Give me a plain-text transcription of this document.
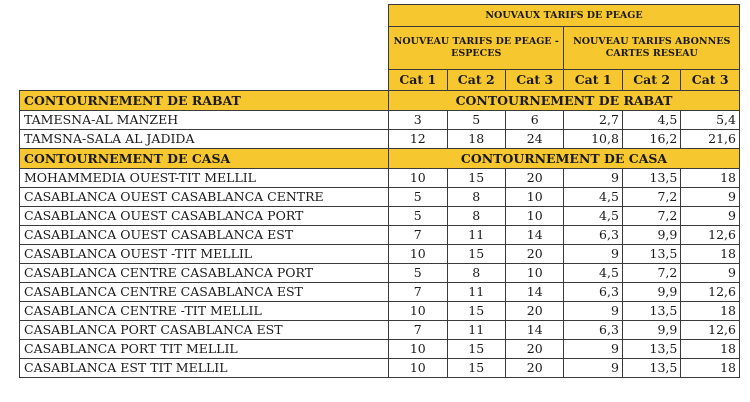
	NOUVAUX TARIFS DE PEAGE					
	NOUVEAU TARIFS DE PEAGE - ESPECES			NOUVEAU TARIFS ABONNES CARTES RESEAU		
	Cat 1	Cat 2	Cat 3	Cat 1	Cat 2	Cat 3
CONTOURNEMENT DE RABAT	CONTOURNEMENT DE RABAT					
TAMESNA-AL MANZEH	3	5	6	2,7	4,5	5,4
TAMSNA-SALA AL JADIDA	12	18	24	10,8	16,2	21,6
CONTOURNEMENT DE CASA	CONTOURNEMENT DE CASA					
MOHAMMEDIA OUEST-TIT MELLIL	10	15	20	9	13,5	18
CASABLANCA OUEST CASABLANCA CENTRE	5	8	10	4,5	7,2	9
CASABLANCA OUEST CASABLANCA PORT	5	8	10	4,5	7,2	9
CASABLANCA OUEST CASABLANCA EST	7	11	14	6,3	9,9	12,6
CASABLANCA OUEST -TIT MELLIL	10	15	20	9	13,5	18
CASABLANCA CENTRE CASABLANCA PORT	5	8	10	4,5	7,2	9
CASABLANCA CENTRE CASABLANCA EST	7	11	14	6,3	9,9	12,6
CASABLANCA CENTRE -TIT MELLIL	10	15	20	9	13,5	18
CASABLANCA PORT CASABLANCA EST	7	11	14	6,3	9,9	12,6
CASABLANCA PORT TIT MELLIL	10	15	20	9	13,5	18
CASABLANCA EST TIT MELLIL	10	15	20	9	13,5	18
